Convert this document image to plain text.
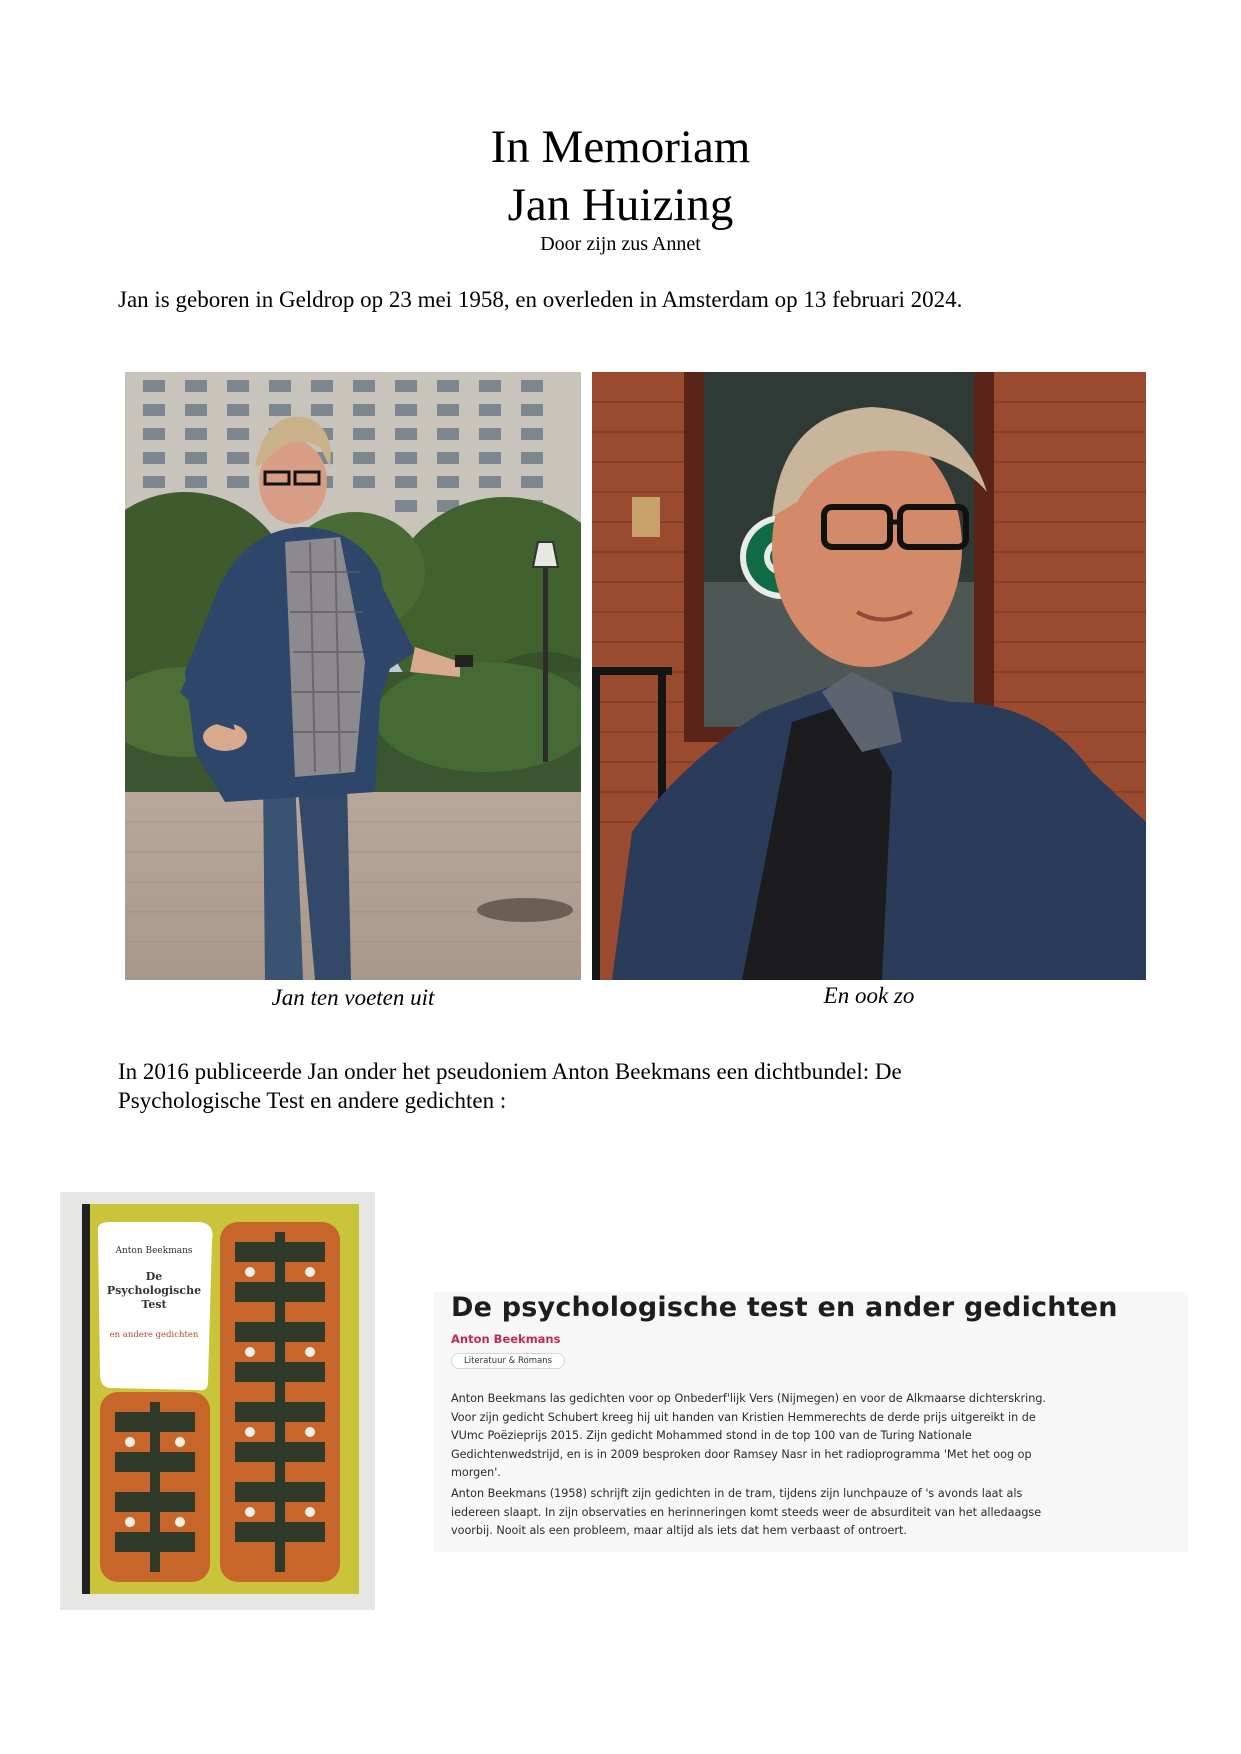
In Memoriam
Jan Huizing
Door zijn zus Annet
Jan is geboren in Geldrop op 23 mei 1958, en overleden in Amsterdam op 13 februari 2024.
Jan ten voeten uit	En ook zo
In 2016 publiceerde Jan onder het pseudoniem Anton Beekmans een dichtbundel: De
Psychologische Test en andere gedichten :
Anton Beekmans
De
Psychologische
Test
en andere gedichten
De psychologische test en ander gedichten
Anton Beekmans
Literatuur & Romans
Anton Beekmans las gedichten voor op Onbederf'lijk Vers (Nijmegen) en voor de Alkmaarse dichterskring.
Voor zijn gedicht Schubert kreeg hij uit handen van Kristien Hemmerechts de derde prijs uitgereikt in de
VUmc Poëzieprijs 2015. Zijn gedicht Mohammed stond in de top 100 van de Turing Nationale
Gedichtenwedstrijd, en is in 2009 besproken door Ramsey Nasr in het radioprogramma 'Met het oog op
morgen'.
Anton Beekmans (1958) schrijft zijn gedichten in de tram, tijdens zijn lunchpauze of 's avonds laat als
iedereen slaapt. In zijn observaties en herinneringen komt steeds weer de absurditeit van het alledaagse
voorbij. Nooit als een probleem, maar altijd als iets dat hem verbaast of ontroert.
